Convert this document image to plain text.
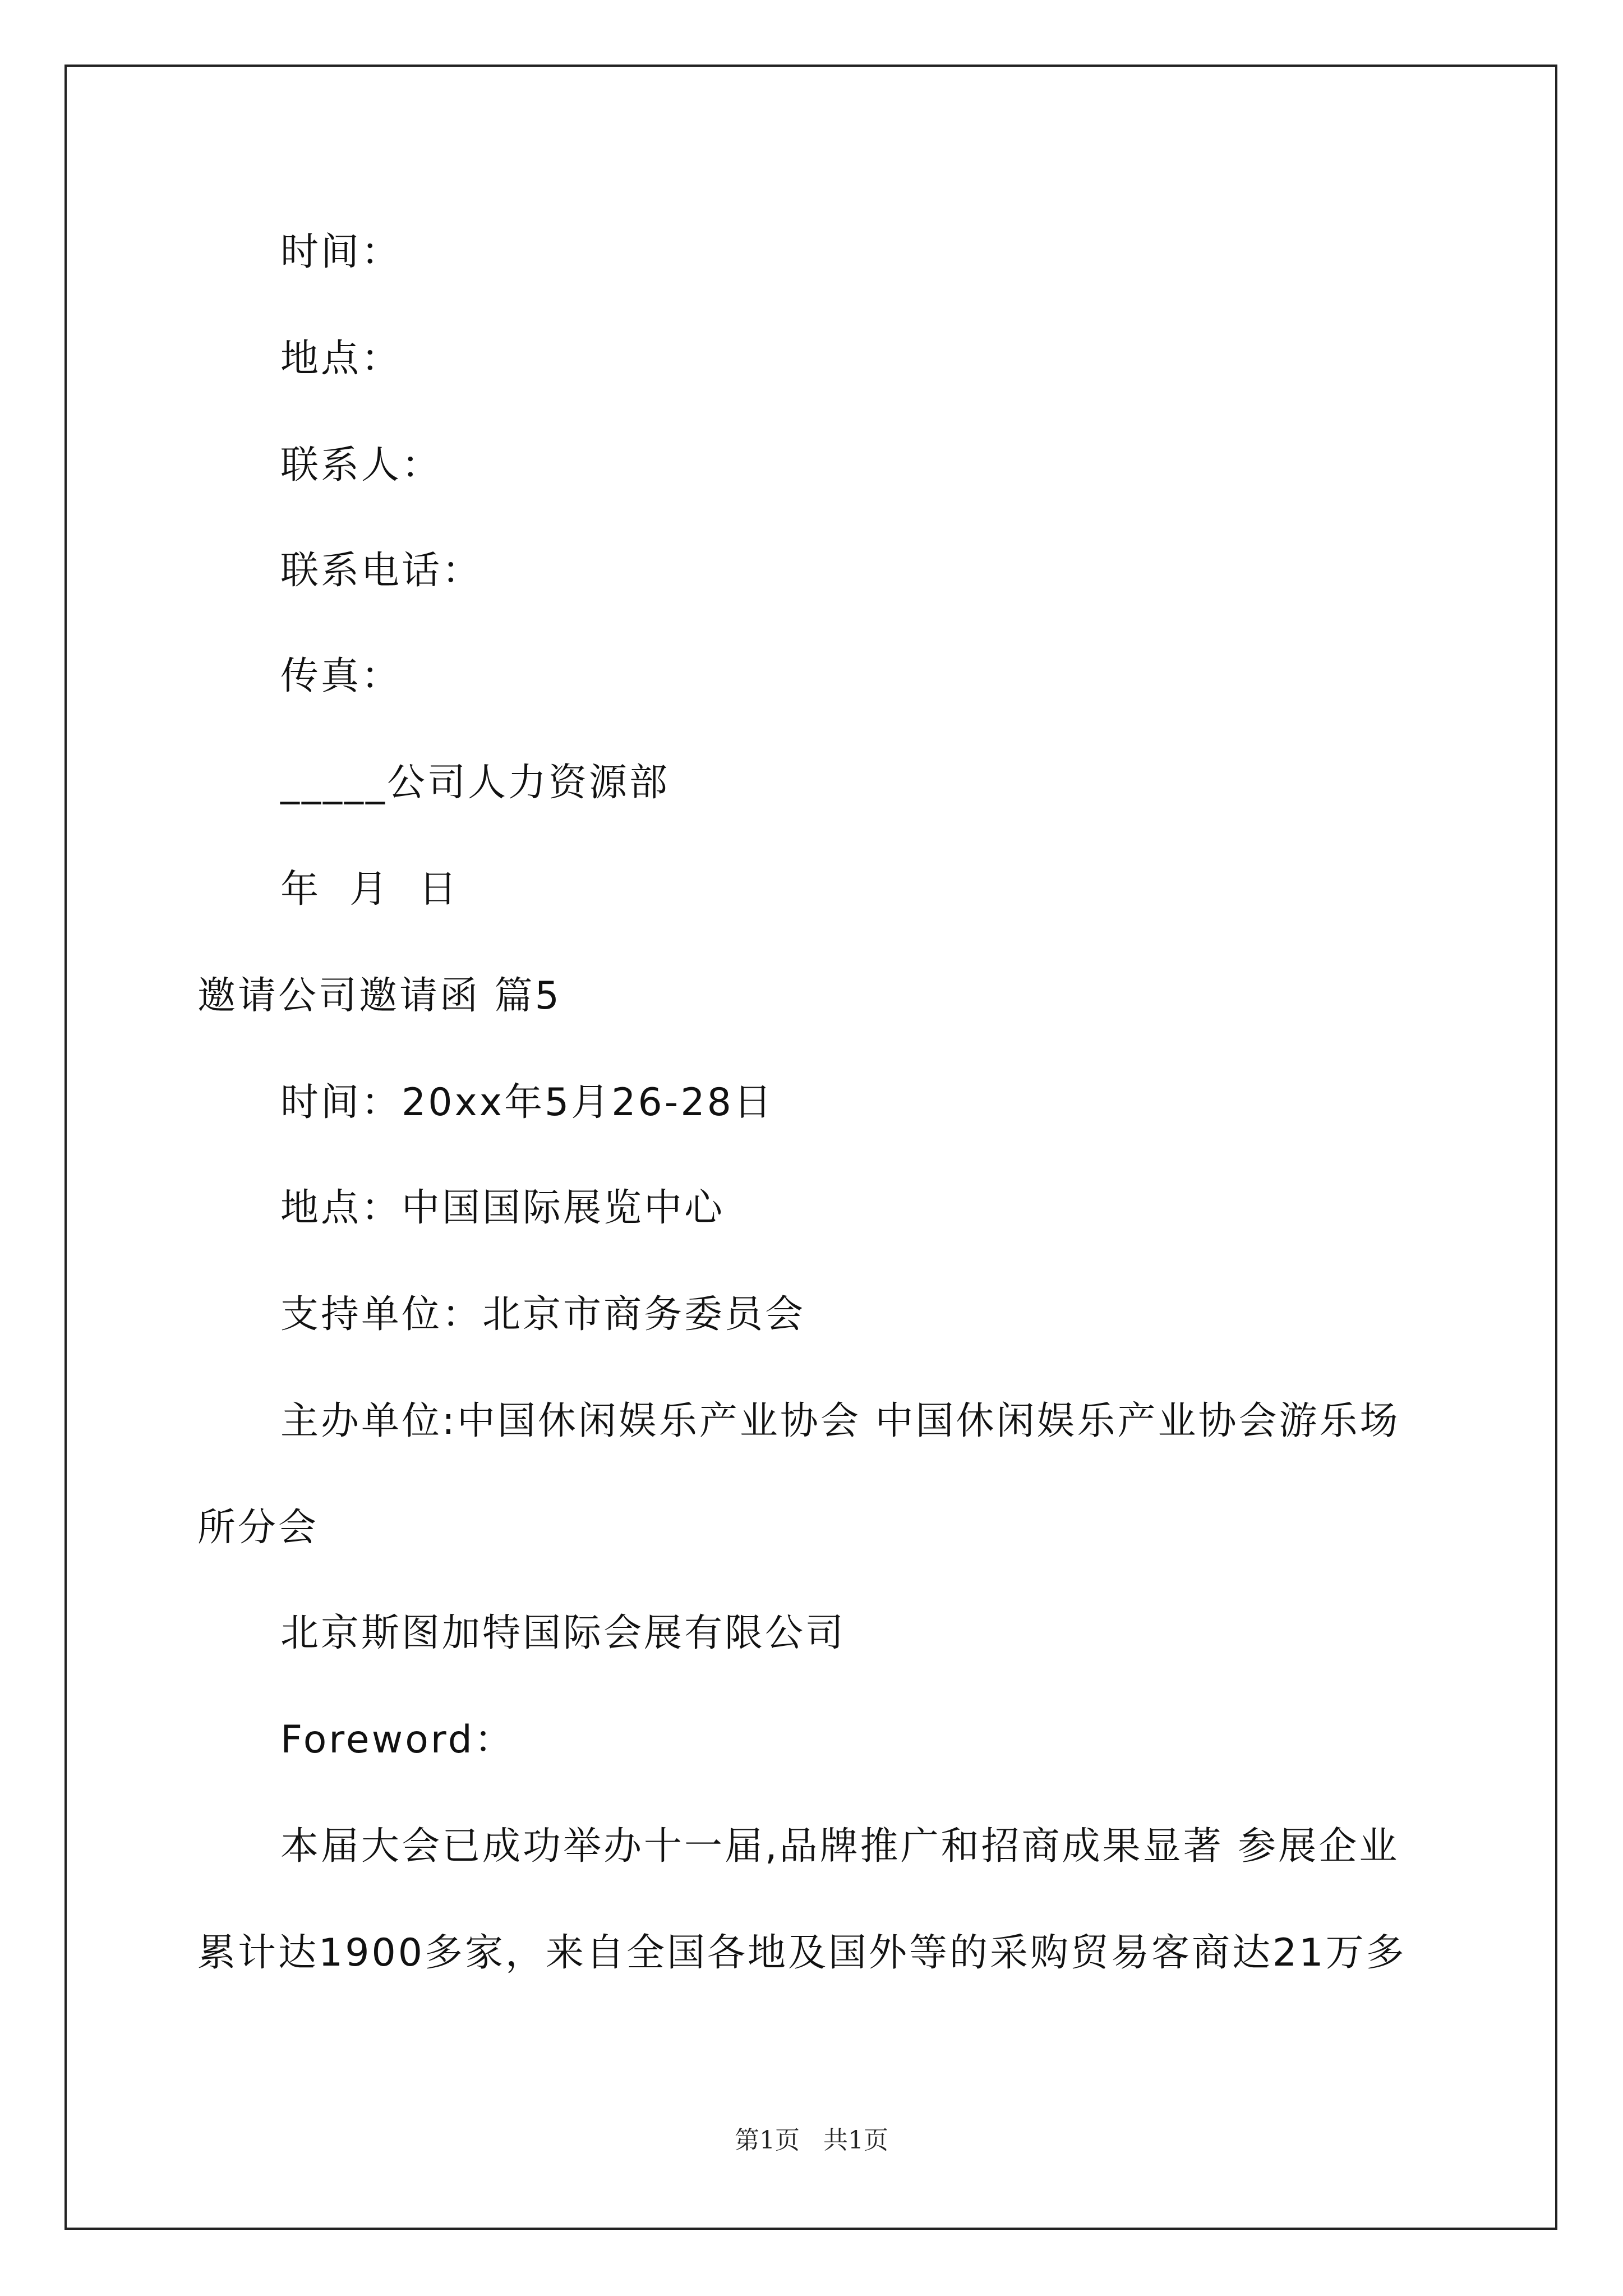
时间：
地点：
联系人：
联系电话：
传真：
_____公司人力资源部
年  月  日
邀请公司邀请函 篇5
时间：20xx年5月26-28日
地点：中国国际展览中心
支持单位：北京市商务委员会
主办单位:中国休闲娱乐产业协会 中国休闲娱乐产业协会游乐场
所分会
北京斯图加特国际会展有限公司
Foreword：
本届大会已成功举办十一届,品牌推广和招商成果显著 参展企业
累计达1900多家，来自全国各地及国外等的采购贸易客商达21万多
第1页   共1页
